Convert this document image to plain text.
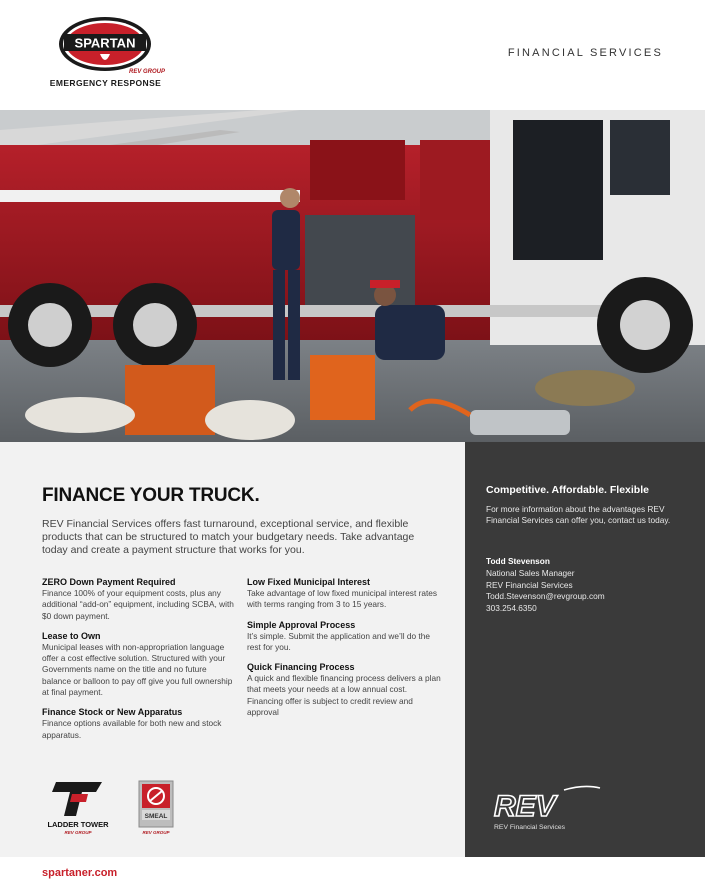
SPARTAN
REV GROUP
EMERGENCY RESPONSE
FINANCIAL SERVICES
FINANCE YOUR TRUCK.

REV Financial Services offers fast turnaround, exceptional service, and flexible products that can be structured to match your budgetary needs. Take advantage today and create a payment structure that works for you.

ZERO Down Payment Required
Finance 100% of your equipment costs, plus any additional “add-on” equipment, including SCBA, with $0 down payment.
Lease to Own
Municipal leases with non-appropriation language offer a cost effective solution. Structured with your Governments name on the title and no future balance or balloon to pay off give you full ownership at final payment.
Finance Stock or New Apparatus
Finance options available for both new and stock apparatus.
Low Fixed Municipal Interest
Take advantage of low fixed municipal interest rates with terms ranging from 3 to 15 years.
Simple Approval Process
It’s simple. Submit the application and we’ll do the rest for you.
Quick Financing Process
A quick and flexible financing process delivers a plan that meets your needs at a low annual cost. Financing offer is subject to credit review and approval
LADDER TOWER
REV GROUP
SMEAL
REV GROUP
Competitive. Affordable. Flexible
For more information about the advantages REV Financial Services can offer you, contact us today.
Todd Stevenson
National Sales Manager
REV Financial Services
Todd.Stevenson@revgroup.com
303.254.6350
REV
REV Financial Services
spartaner.com
